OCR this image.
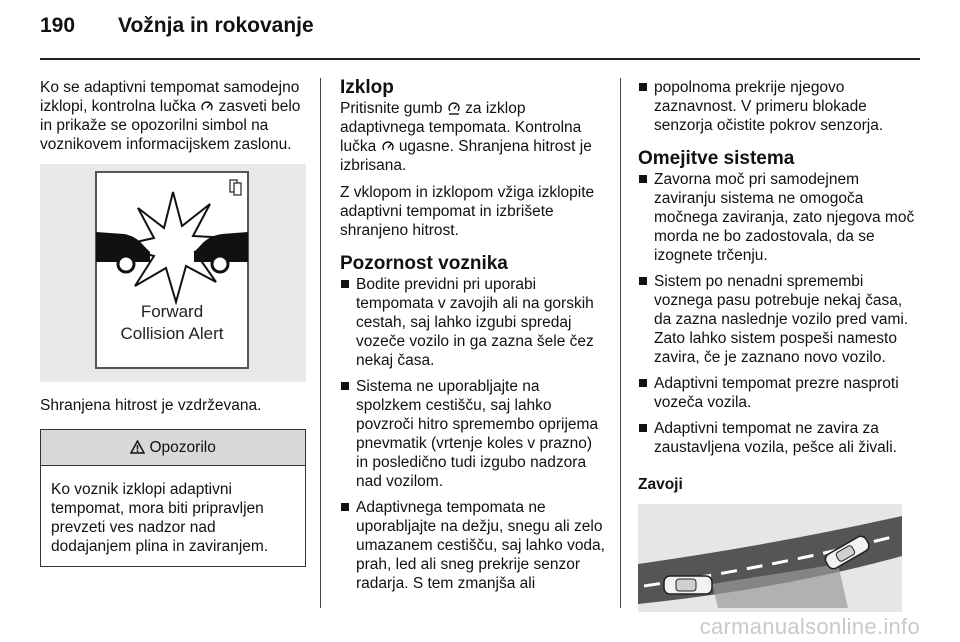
190 Vožnja in rokovanje

Ko se adaptivni tempomat samodejno izklopi, kontrolna lučka zasveti belo in prikaže se opozorilni simbol na voznikovem informacijskem zaslonu.

Forward
Collision Alert

Shranjena hitrost je vzdrževana.

Opozorilo
Ko voznik izklopi adaptivni tempomat, mora biti pripravljen prevzeti ves nadzor nad dodajanjem plina in zaviranjem.
Izklop

Pritisnite gumb za izklop adaptivnega tempomata. Kontrolna lučka ugasne. Shranjena hitrost je izbrisana.

Z vklopom in izklopom vžiga izklopite adaptivni tempomat in izbrišete shranjeno hitrost.

Pozornost voznika
Bodite previdni pri uporabi tempomata v zavojih ali na gorskih cestah, saj lahko izgubi spredaj vozeče vozilo in ga zazna šele čez nekaj časa.
Sistema ne uporabljajte na spolzkem cestišču, saj lahko povzroči hitro spremembo oprijema pnevmatik (vrtenje koles v prazno) in posledično tudi izgubo nadzora nad vozilom.
Adaptivnega tempomata ne uporabljajte na dežju, snegu ali zelo umazanem cestišču, saj lahko voda, prah, led ali sneg prekrije senzor radarja. S tem zmanjša ali
popolnoma prekrije njegovo zaznavnost. V primeru blokade senzorja očistite pokrov senzorja.
Omejitve sistema
Zavorna moč pri samodejnem zaviranju sistema ne omogoča močnega zaviranja, zato njegova moč morda ne bo zadostovala, da se izognete trčenju.
Sistem po nenadni spremembi voznega pasu potrebuje nekaj časa, da zazna naslednje vozilo pred vami. Zato lahko sistem pospeši namesto zavira, če je zaznano novo vozilo.
Adaptivni tempomat prezre nasproti vozeča vozila.
Adaptivni tempomat ne zavira za zaustavljena vozila, pešce ali živali.
Zavoji
carmanualsonline.info
